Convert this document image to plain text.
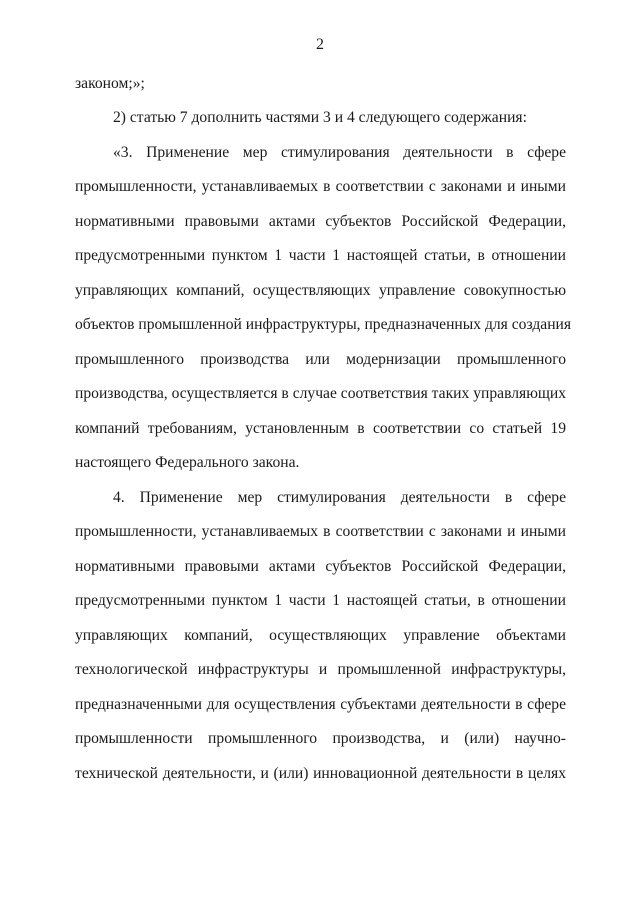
2
законом;»;
2) статью 7 дополнить частями 3 и 4 следующего содержания:
«3. Применение мер стимулирования деятельности в сфере
промышленности, устанавливаемых в соответствии с законами и иными
нормативными правовыми актами субъектов Российской Федерации,
предусмотренными пунктом 1 части 1 настоящей статьи, в отношении
управляющих компаний, осуществляющих управление совокупностью
объектов промышленной инфраструктуры, предназначенных для создания
промышленного производства или модернизации промышленного
производства, осуществляется в случае соответствия таких управляющих
компаний требованиям, установленным в соответствии со статьей 19
настоящего Федерального закона.
4. Применение мер стимулирования деятельности в сфере
промышленности, устанавливаемых в соответствии с законами и иными
нормативными правовыми актами субъектов Российской Федерации,
предусмотренными пунктом 1 части 1 настоящей статьи, в отношении
управляющих компаний, осуществляющих управление объектами
технологической инфраструктуры и промышленной инфраструктуры,
предназначенными для осуществления субъектами деятельности в сфере
промышленности промышленного производства, и (или) научно-
технической деятельности, и (или) инновационной деятельности в целях
